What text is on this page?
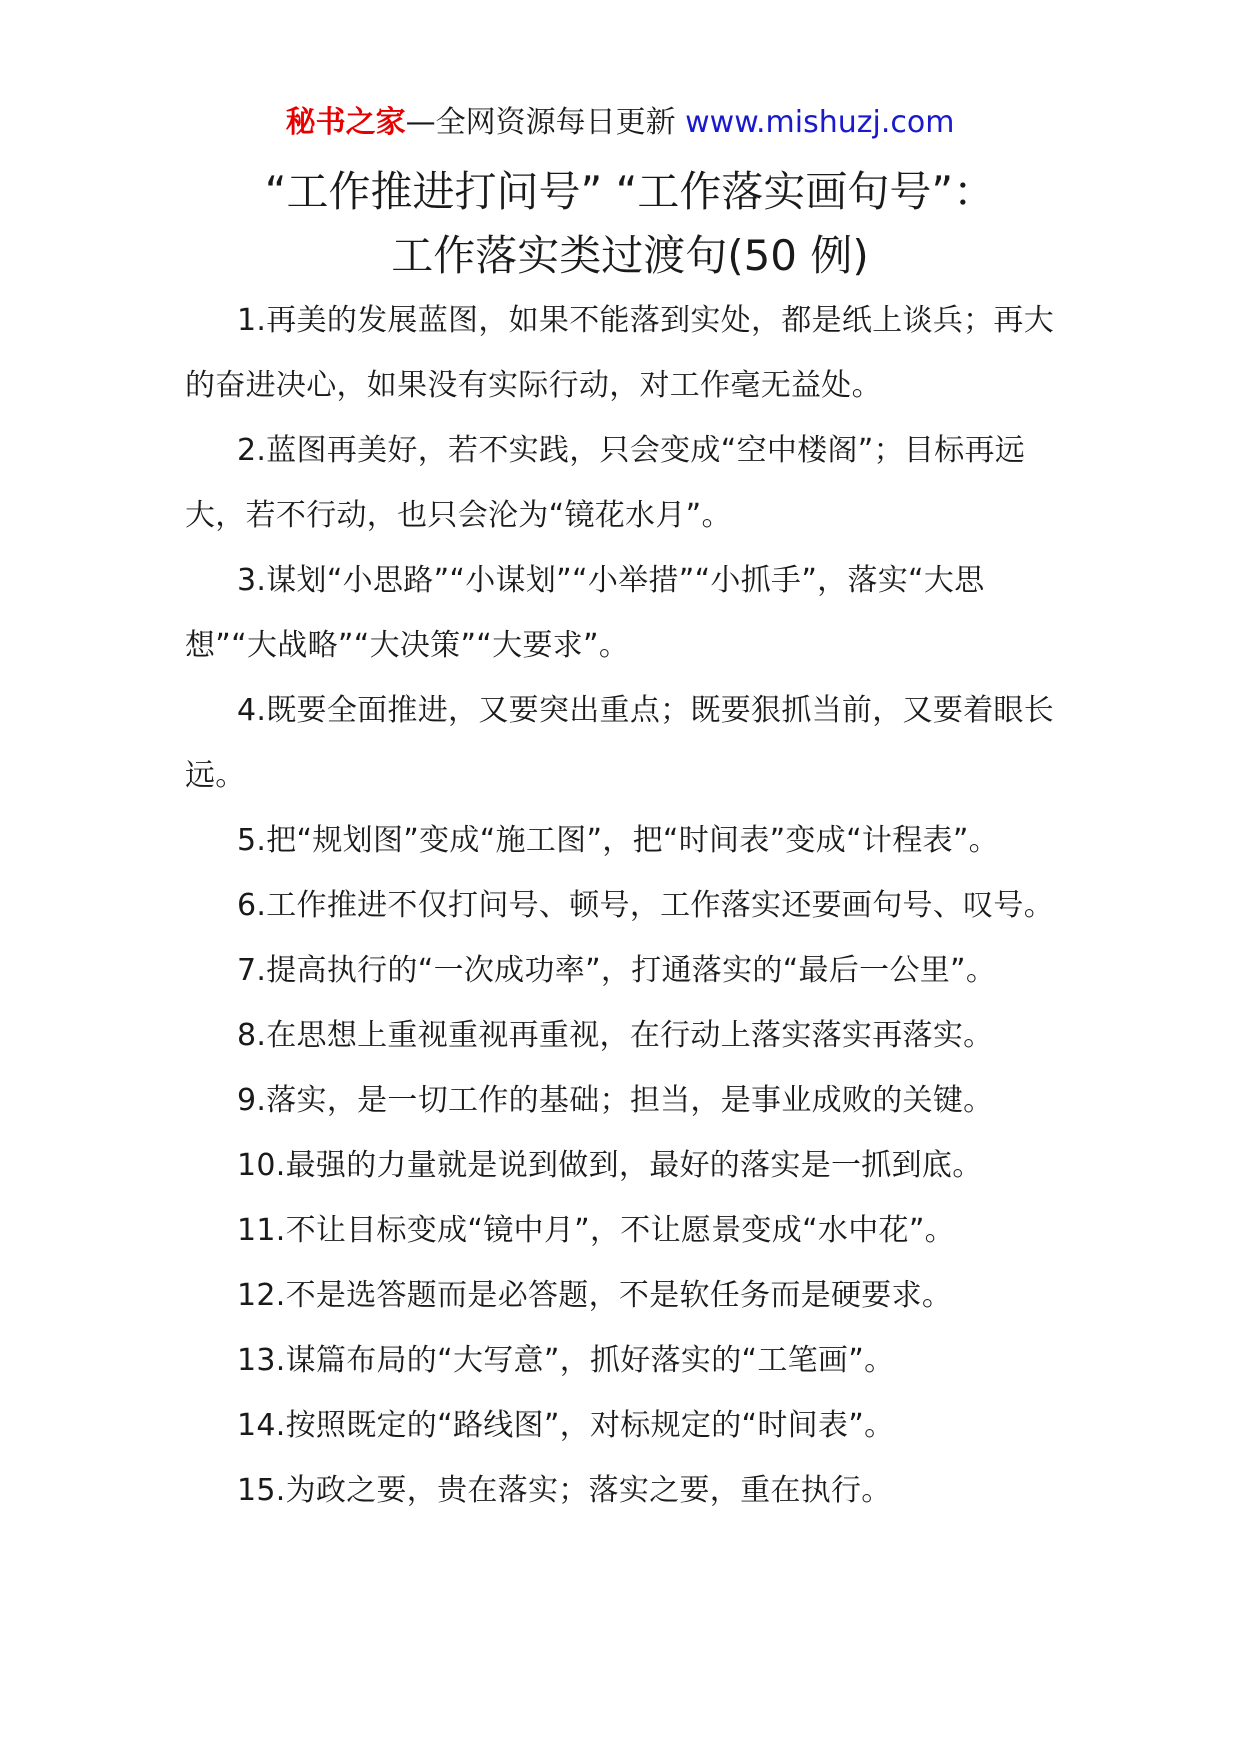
秘书之家—全网资源每日更新 www.mishuzj.com
“工作推进打问号” “工作落实画句号”：
工作落实类过渡句(50 例)

1.再美的发展蓝图，如果不能落到实处，都是纸上谈兵；再大的奋进决心，如果没有实际行动，对工作毫无益处。

2.蓝图再美好，若不实践，只会变成“空中楼阁”；目标再远大，若不行动，也只会沦为“镜花水月”。

3.谋划“小思路”“小谋划”“小举措”“小抓手”，落实“大思想”“大战略”“大决策”“大要求”。

4.既要全面推进，又要突出重点；既要狠抓当前，又要着眼长远。

5.把“规划图”变成“施工图”，把“时间表”变成“计程表”。

6.工作推进不仅打问号、顿号，工作落实还要画句号、叹号。

7.提高执行的“一次成功率”，打通落实的“最后一公里”。

8.在思想上重视重视再重视，在行动上落实落实再落实。

9.落实，是一切工作的基础；担当，是事业成败的关键。

10.最强的力量就是说到做到，最好的落实是一抓到底。

11.不让目标变成“镜中月”，不让愿景变成“水中花”。

12.不是选答题而是必答题，不是软任务而是硬要求。

13.谋篇布局的“大写意”，抓好落实的“工笔画”。

14.按照既定的“路线图”，对标规定的“时间表”。

15.为政之要，贵在落实；落实之要，重在执行。
